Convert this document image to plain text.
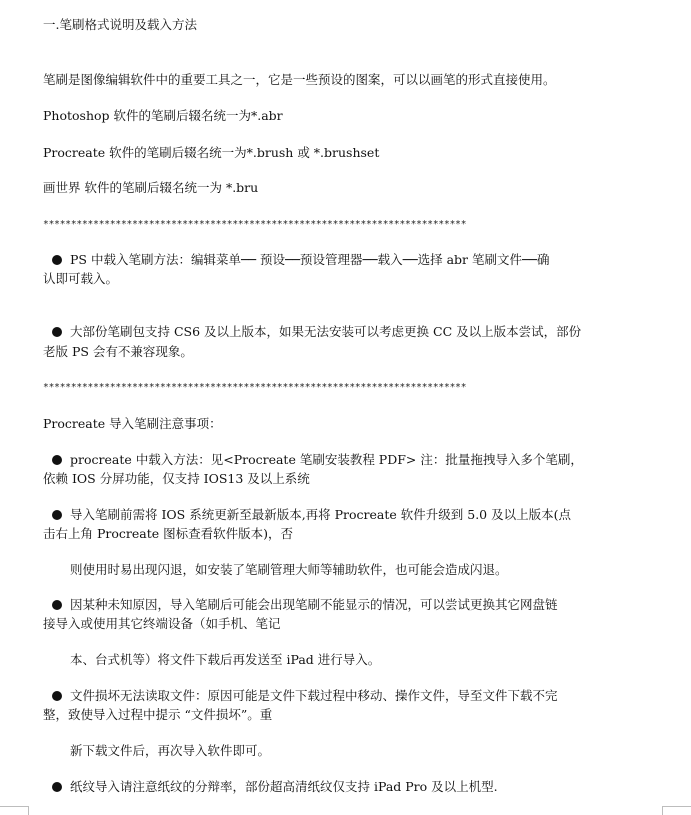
一.笔刷格式说明及载入方法
笔刷是图像编辑软件中的重要工具之一，它是一些预设的图案，可以以画笔的形式直接使用。
Photoshop 软件的笔刷后辍名统一为*.abr
Procreate 软件的笔刷后辍名统一为*.brush 或 *.brushset
画世界 软件的笔刷后辍名统一为 *.bru
****************************************************************************
PS 中载入笔刷方法：编辑菜单── 预设──预设管理器──载入──选择 abr 笔刷文件──确
认即可载入。
大部份笔刷包支持 CS6 及以上版本，如果无法安装可以考虑更换 CC 及以上版本尝试，部份
老版 PS 会有不兼容现象。
****************************************************************************
Procreate 导入笔刷注意事项：
procreate 中载入方法：见<Procreate 笔刷安装教程 PDF> 注：批量拖拽导入多个笔刷，
依赖 IOS 分屏功能，仅支持 IOS13 及以上系统
导入笔刷前需将 IOS 系统更新至最新版本,再将 Procreate 软件升级到 5.0 及以上版本(点
击右上角 Procreate 图标查看软件版本)，否
则使用时易出现闪退，如安装了笔刷管理大师等辅助软件，也可能会造成闪退。
因某种未知原因，导入笔刷后可能会出现笔刷不能显示的情况，可以尝试更换其它网盘链
接导入或使用其它终端设备（如手机、笔记
本、台式机等）将文件下载后再发送至 iPad 进行导入。
文件损坏无法读取文件：原因可能是文件下载过程中移动、操作文件，导至文件下载不完
整，致使导入过程中提示 “文件损坏”。重
新下载文件后，再次导入软件即可。
纸纹导入请注意纸纹的分辩率，部份超高清纸纹仅支持 iPad Pro 及以上机型.
